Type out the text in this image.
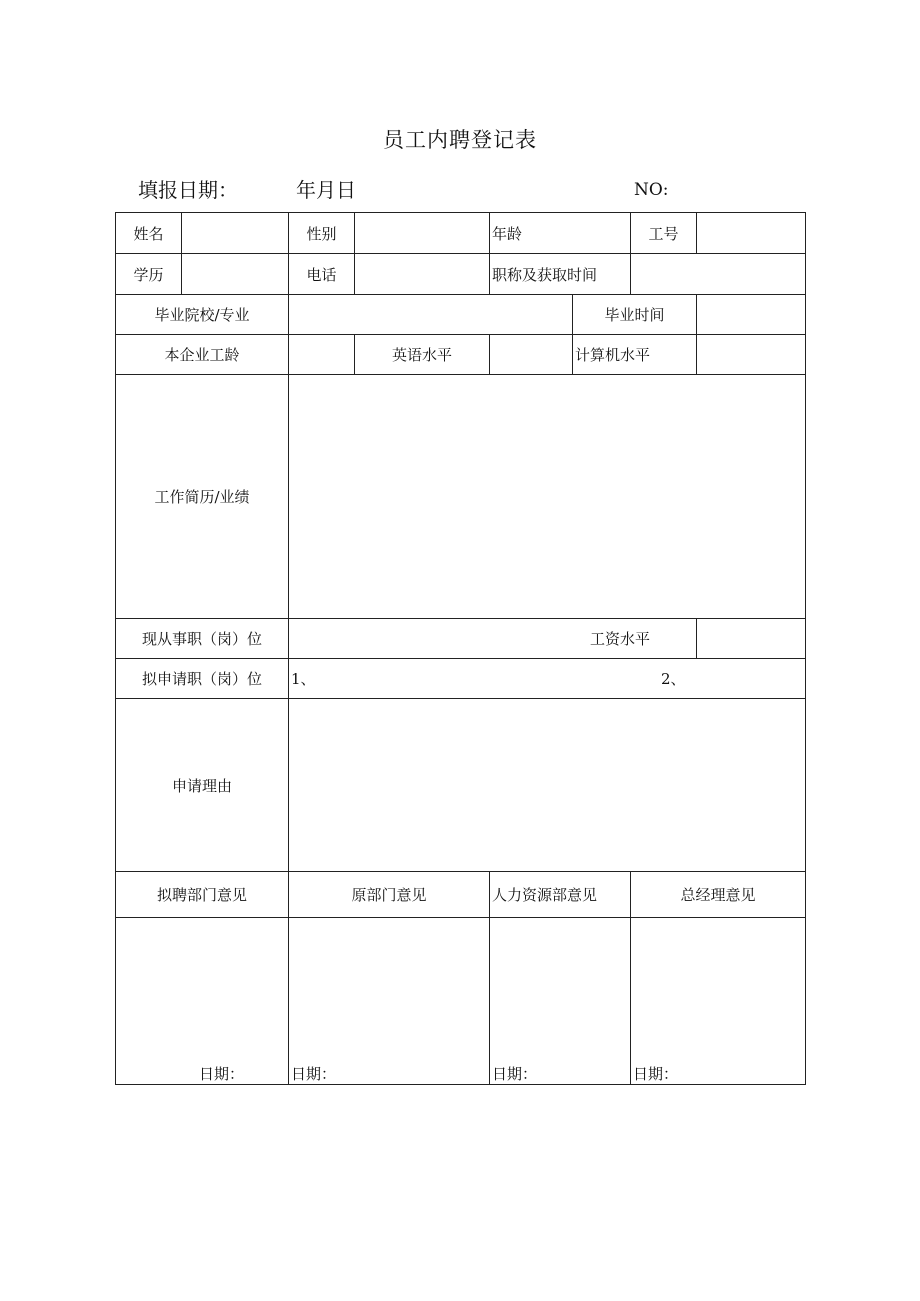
员工内聘登记表
填报日期：	年月日	NO:
姓名	性别	年龄	工号
学历	电话	职称及获取时间
毕业院校/专业	毕业时间
本企业工龄	英语水平	计算机水平
工作简历/业绩
现从事职（岗）位	工资水平
拟申请职（岗）位	1、	2、
申请理由
拟聘部门意见	原部门意见	人力资源部意见	总经理意见
日期：	日期：	日期：	日期：
